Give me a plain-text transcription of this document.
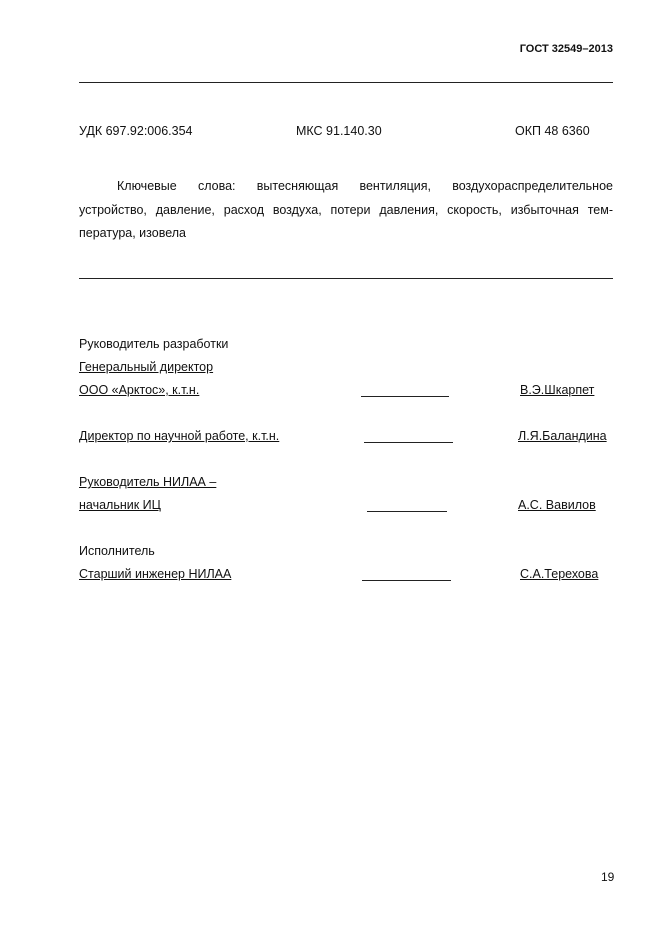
ГОСТ 32549–2013
УДК 697.92:006.354	МКС 91.140.30	ОКП 48 6360
Ключевые слова: вытесняющая вентиляция, воздухораспределительное устройство, давление, расход воздуха, потери давления, скорость, избыточная тем-пература, изовела
Руководитель разработки
Генеральный директор
ООО «Арктос», к.т.н.	В.Э.Шкарпет
Директор по научной работе, к.т.н.	Л.Я.Баландина
Руководитель НИЛАА –
начальник ИЦ	А.С. Вавилов
Исполнитель
Старший инженер НИЛАА	С.А.Терехова
19
